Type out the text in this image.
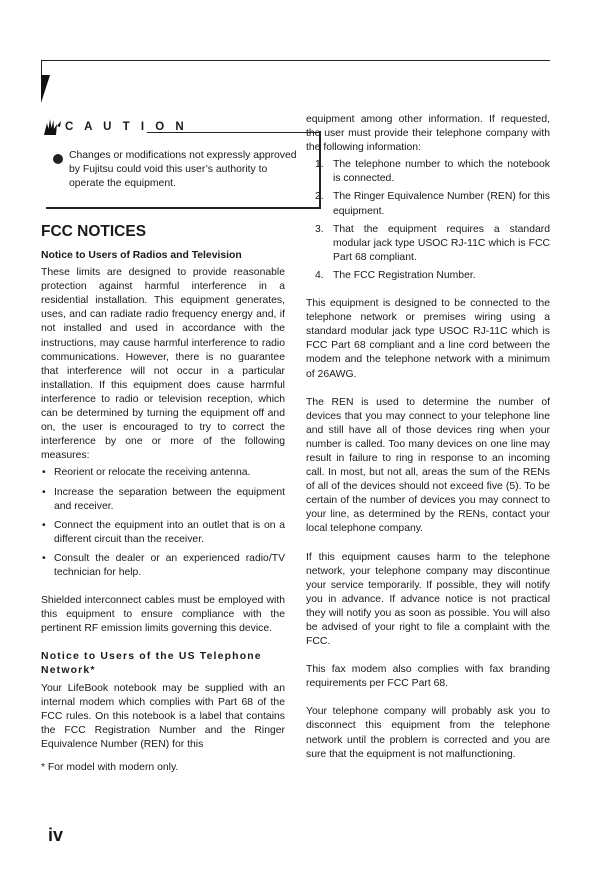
C A U T I O N
Changes or modifications not expressly approved by Fujitsu could void this user’s authority to operate the equipment.
FCC NOTICES
Notice to Users of Radios and Television

These limits are designed to provide reasonable protection against harmful interference in a residential installation. This equipment generates, uses, and can radiate radio frequency energy and, if not installed and used in accordance with the instructions, may cause harmful interference to radio communications. However, there is no guarantee that interference will not occur in a particular installation. If this equipment does cause harmful interference to radio or television reception, which can be determined by turning the equipment off and on, the user is encouraged to try to correct the interference by one or more of the following measures:

• Reorient or relocate the receiving antenna.
• Increase the separation between the equipment and receiver.
• Connect the equipment into an outlet that is on a different circuit than the receiver.
• Consult the dealer or an experienced radio/TV technician for help.

Shielded interconnect cables must be employed with this equipment to ensure compliance with the pertinent RF emission limits governing this device.

Notice to Users of the US Telephone Network*

Your LifeBook notebook may be supplied with an internal modem which complies with Part 68 of the FCC rules. On this notebook is a label that contains the FCC Registration Number and the Ringer Equivalence Number (REN) for this

* For model with modern only.

equipment among other information. If requested, the user must provide their telephone company with the following information:

1. The telephone number to which the notebook is connected.
2. The Ringer Equivalence Number (REN) for this equipment.
3. That the equipment requires a standard modular jack type USOC RJ-11C which is FCC Part 68 compliant.
4. The FCC Registration Number.

This equipment is designed to be connected to the telephone network or premises wiring using a standard modular jack type USOC RJ-11C which is FCC Part 68 compliant and a line cord between the modem and the telephone network with a minimum of 26AWG.

The REN is used to determine the number of devices that you may connect to your telephone line and still have all of those devices ring when your number is called. Too many devices on one line may result in failure to ring in response to an incoming call. In most, but not all, areas the sum of the RENs of all of the devices should not exceed five (5). To be certain of the number of devices you may connect to your line, as determined by the RENs, contact your local telephone company.

If this equipment causes harm to the telephone network, your telephone company may discontinue your service temporarily. If possible, they will notify you in advance. If advance notice is not practical they will notify you as soon as possible. You will also be advised of your right to file a complaint with the FCC.

This fax modem also complies with fax branding requirements per FCC Part 68.

Your telephone company will probably ask you to disconnect this equipment from the telephone network until the problem is corrected and you are sure that the equipment is not malfunctioning.

iv
